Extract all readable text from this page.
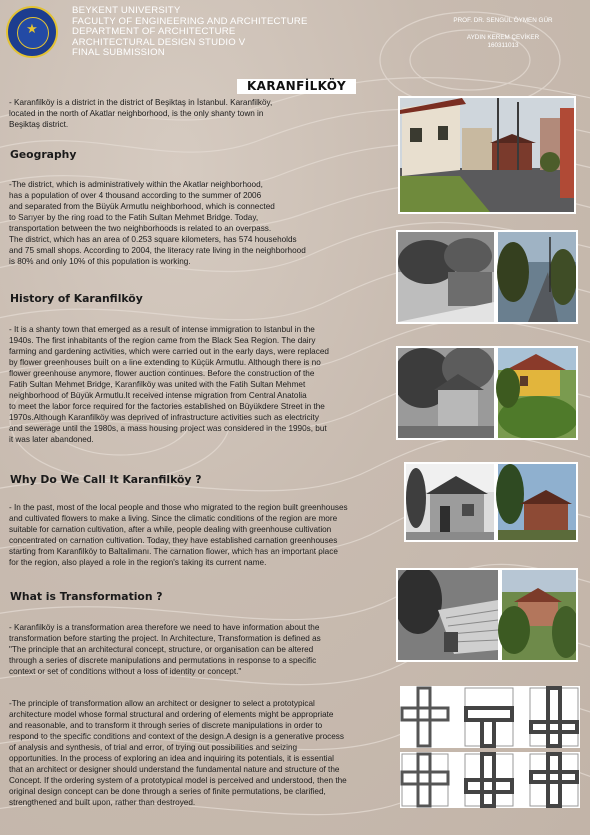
★
BEYKENT UNIVERSITY
FACULTY OF ENGINEERING AND ARCHITECTURE
DEPARTMENT OF ARCHITECTURE
ARCHITECTURAL DESIGN STUDIO V
FINAL SUBMISSION
PROF. DR. SENGÜL ÖYMEN GÜR
AYDIN KEREM ÇEVİKER
160311013
KARANFİLKÖY
- Karanfilköy is a district in the district of Beşiktaş in İstanbul. Karanfilköy,
located in the north of Akatlar neighborhood, is the only shanty town in
Beşiktaş district.
Geography
-The district, which is administratively within the Akatlar neighborhood,
has a population of over 4 thousand according to the summer of 2006
and separated from the Büyük Armutlu neighborhood, which is connected
to Sarıyer by the ring road to the Fatih Sultan Mehmet Bridge. Today,
transportation between the two neighborhoods is related to an overpass.
The district, which has an area of 0.253 square kilometers, has 574 households
and 75 small shops. According to 2004, the literacy rate living in the neighborhood
is 80% and only 10% of this population is working.
History of Karanfilköy
- It is a shanty town that emerged as a result of intense immigration to Istanbul in the
1940s. The first inhabitants of the region came from the Black Sea Region. The dairy
farming and gardening activities, which were carried out in the early days, were replaced
by flower greenhouses built on a line extending to Küçük Armutlu. Although there is no
flower greenhouse anymore, flower auction continues. Before the construction of the
Fatih Sultan Mehmet Bridge, Karanfilköy was united with the Fatih Sultan Mehmet
neighborhood of Büyük Armutlu.It received intense migration from Central Anatolia
to meet the labor force required for the factories established on Büyükdere Street in the
1970s.Although Karanfilköy was deprived of infrastructure activities such as electricity
and sewerage until the 1980s, a mass housing project was considered in the 1990s, but
it was later abandoned.
Why Do We Call It Karanfilköy ?
- In the past, most of the local people and those who migrated to the region built greenhouses
and cultivated flowers to make a living. Since the climatic conditions of the region are more
suitable for carnation cultivation, after a while, people dealing with greenhouse cultivation
concentrated on carnation cultivation. Today, they have established carnation greenhouses
starting from Karanfilköy to Baltalimanı. The carnation flower, which has an important place
for the region, also played a role in the region's taking its current name.
What is Transformation ?
- Karanfilköy is a transformation area therefore we need to have information about the
transformation before starting the project. In Architecture, Transformation is defined as
"The principle that an architectural concept, structure, or organisation can be altered
through a series of discrete manipulations and permutations in response to a specific
context or set of conditions without a loss of identity or concept."
-The principle of transformation allow an architect or designer to select a prototypical
architecture model whose formal structural and ordering of elements might be appropriate
and reasonable, and to transform it through series of discrete manipulations in order to
respond to the specific conditions and context of the design.A design is a generative process
of analysis and synthesis, of trial and error, of trying out possibilities and seizing
opportunities. In the process of exploring an idea and inquiring its potentials, it is essential
that an architect or designer should understand the fundamental nature and structure of the
Concept. If the ordering system of a prototypical model is perceived and understood, then the
original design concept can be done through a series of finite permutations, be clarified,
strengthened and built upon, rather than destroyed.
